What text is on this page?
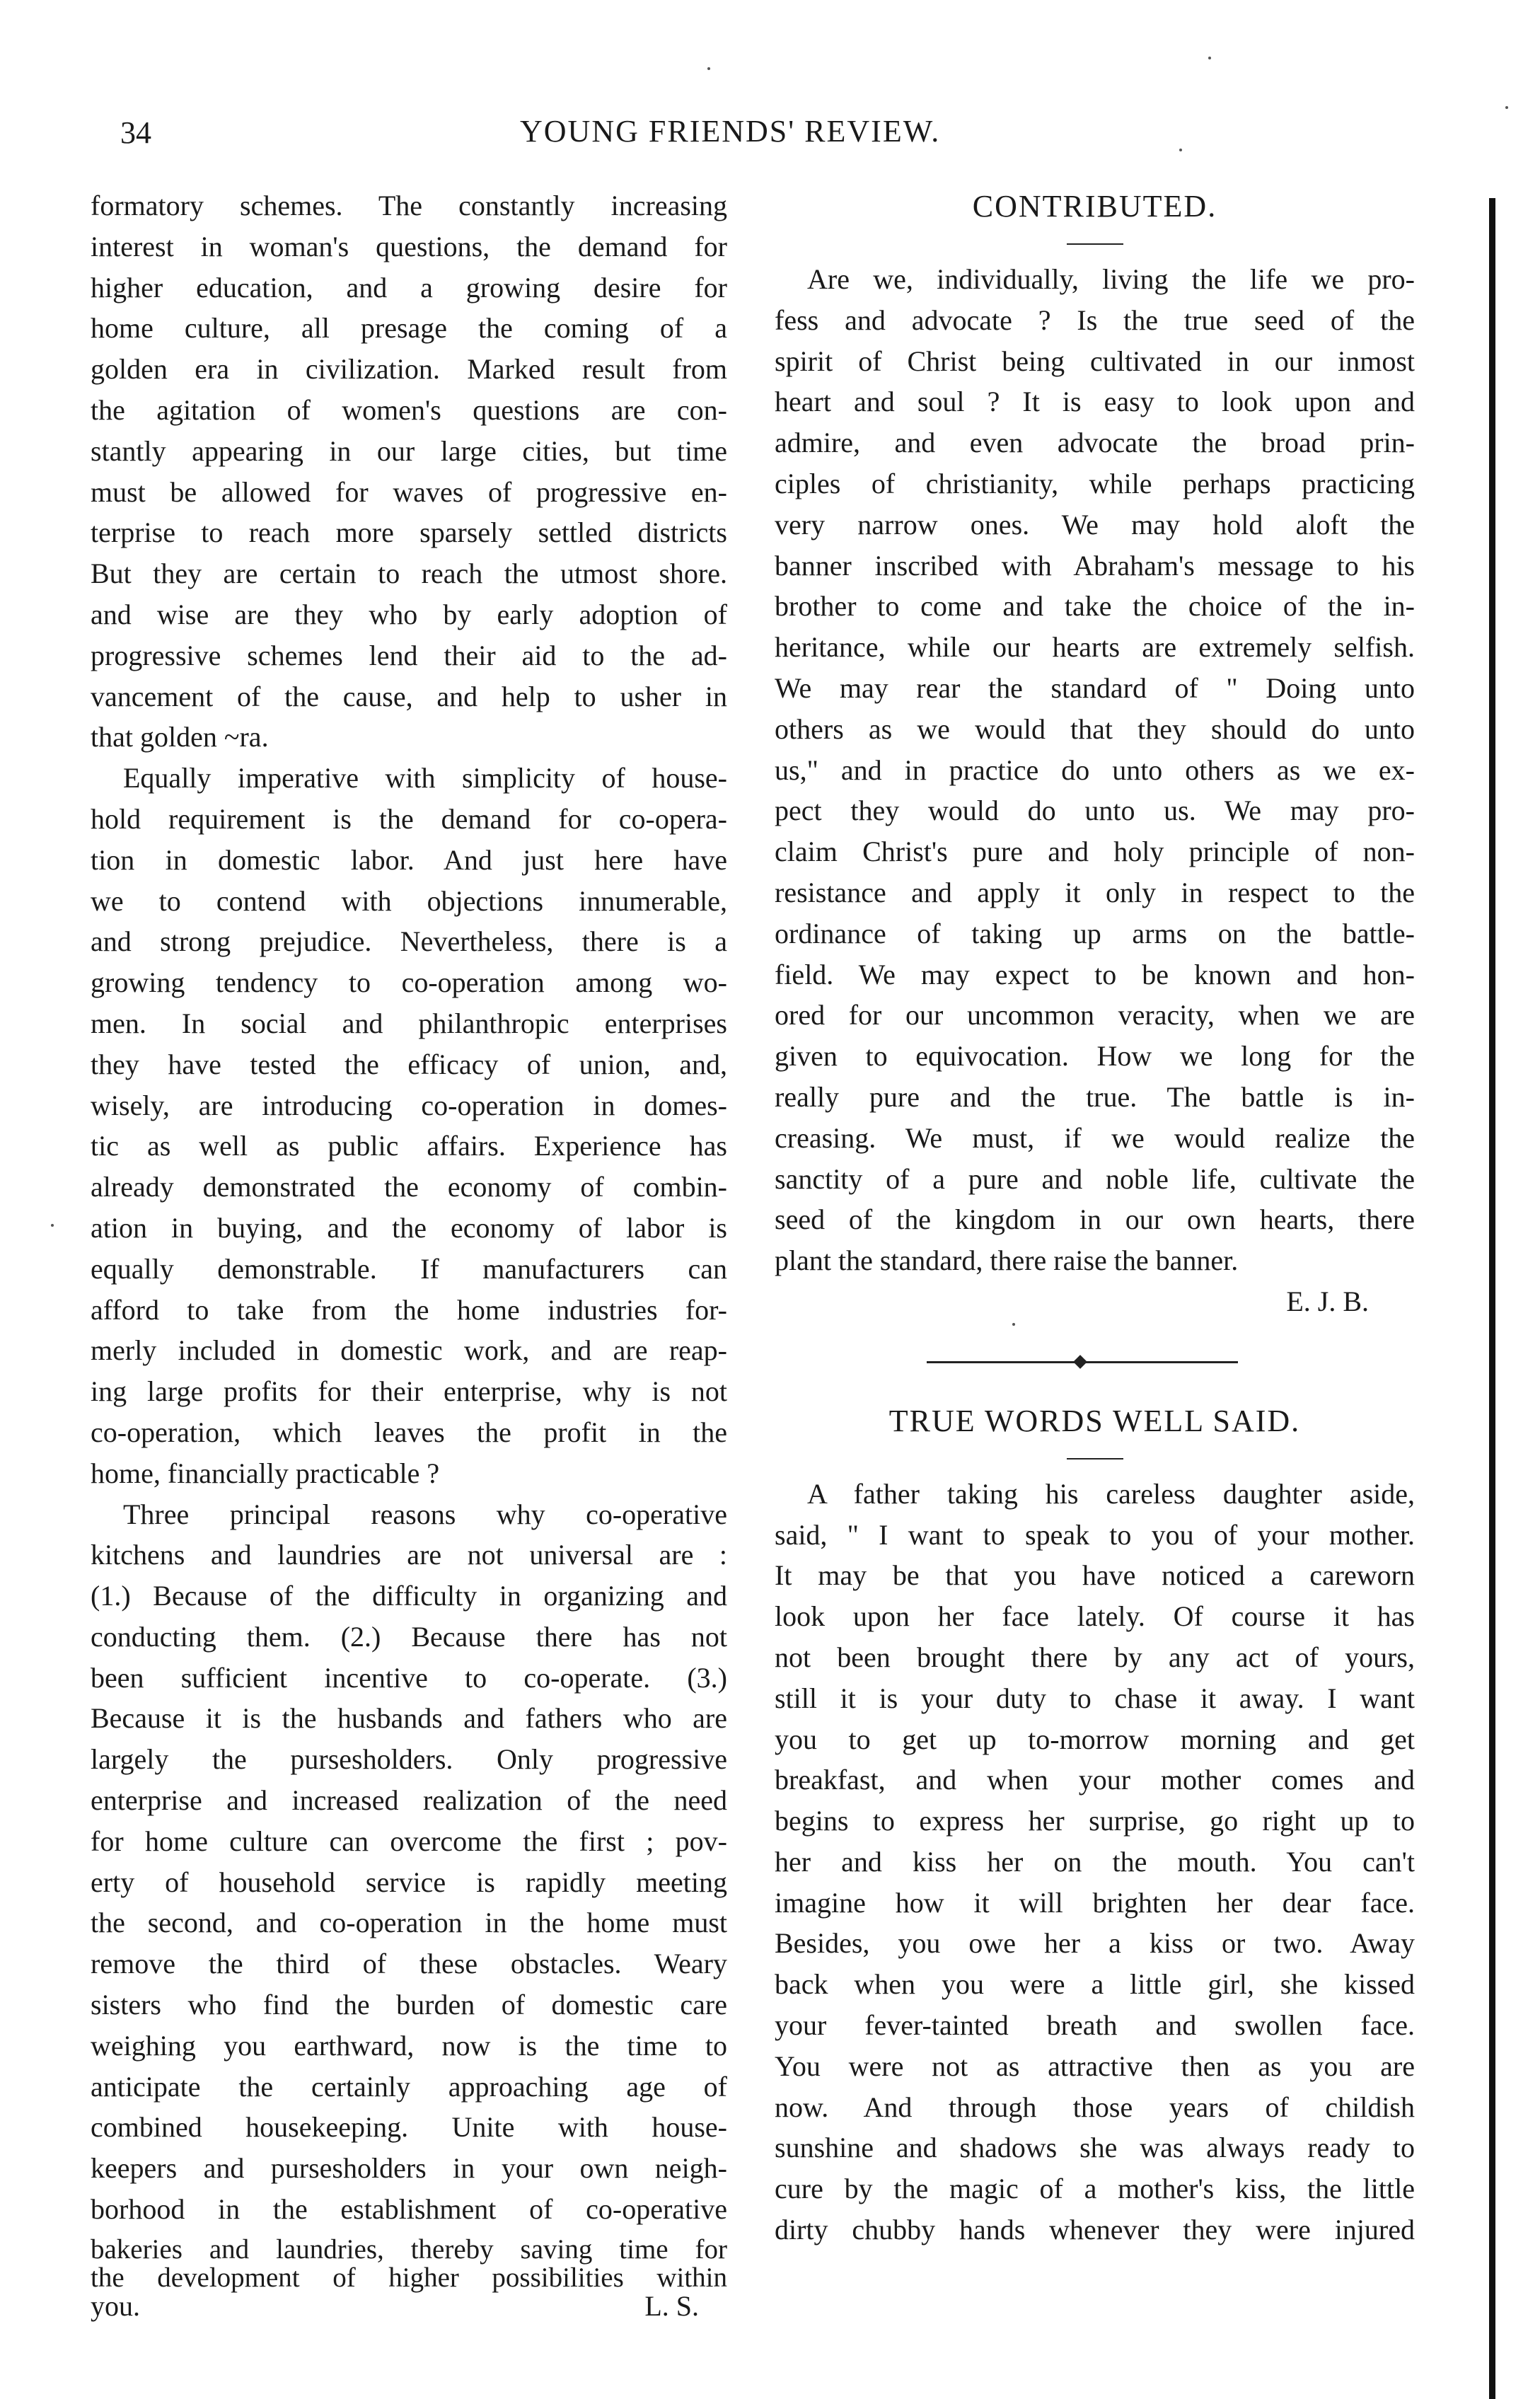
34	YOUNG FRIENDS' REVIEW.
formatory schemes. The constantly increasing
interest in woman's questions, the demand for
higher education, and a growing desire for
home culture, all presage the coming of a
golden era in civilization. Marked result from
the agitation of women's questions are con-
stantly appearing in our large cities, but time
must be allowed for waves of progressive en-
terprise to reach more sparsely settled districts
But they are certain to reach the utmost shore.
and wise are they who by early adoption of
progressive schemes lend their aid to the ad-
vancement of the cause, and help to usher in
that golden ~ra.
Equally imperative with simplicity of house-
hold requirement is the demand for co-opera-
tion in domestic labor. And just here have
we to contend with objections innumerable,
and strong prejudice. Nevertheless, there is a
growing tendency to co-operation among wo-
men. In social and philanthropic enterprises
they have tested the efficacy of union, and,
wisely, are introducing co-operation in domes-
tic as well as public affairs. Experience has
already demonstrated the economy of combin-
ation in buying, and the economy of labor is
equally demonstrable. If manufacturers can
afford to take from the home industries for-
merly included in domestic work, and are reap-
ing large profits for their enterprise, why is not
co-operation, which leaves the profit in the
home, financially practicable ?
Three principal reasons why co-operative
kitchens and laundries are not universal are :
(1.) Because of the difficulty in organizing and
conducting them. (2.) Because there has not
been sufficient incentive to co-operate. (3.)
Because it is the husbands and fathers who are
largely the pursesholders. Only progressive
enterprise and increased realization of the need
for home culture can overcome the first ; pov-
erty of household service is rapidly meeting
the second, and co-operation in the home must
remove the third of these obstacles. Weary
sisters who find the burden of domestic care
weighing you earthward, now is the time to
anticipate the certainly approaching age of
combined housekeeping. Unite with house-
keepers and pursesholders in your own neigh-
borhood in the establishment of co-operative
bakeries and laundries, thereby saving time for
the development of higher possibilities within
you.	L. S.
CONTRIBUTED.
Are we, individually, living the life we pro-
fess and advocate ? Is the true seed of the
spirit of Christ being cultivated in our inmost
heart and soul ? It is easy to look upon and
admire, and even advocate the broad prin-
ciples of christianity, while perhaps practicing
very narrow ones. We may hold aloft the
banner inscribed with Abraham's message to his
brother to come and take the choice of the in-
heritance, while our hearts are extremely selfish.
We may rear the standard of " Doing unto
others as we would that they should do unto
us," and in practice do unto others as we ex-
pect they would do unto us. We may pro-
claim Christ's pure and holy principle of non-
resistance and apply it only in respect to the
ordinance of taking up arms on the battle-
field. We may expect to be known and hon-
ored for our uncommon veracity, when we are
given to equivocation. How we long for the
really pure and the true. The battle is in-
creasing. We must, if we would realize the
sanctity of a pure and noble life, cultivate the
seed of the kingdom in our own hearts, there
plant the standard, there raise the banner.
E. J. B.
TRUE WORDS WELL SAID.
A father taking his careless daughter aside,
said, " I want to speak to you of your mother.
It may be that you have noticed a careworn
look upon her face lately. Of course it has
not been brought there by any act of yours,
still it is your duty to chase it away. I want
you to get up to-morrow morning and get
breakfast, and when your mother comes and
begins to express her surprise, go right up to
her and kiss her on the mouth. You can't
imagine how it will brighten her dear face.
Besides, you owe her a kiss or two. Away
back when you were a little girl, she kissed
your fever-tainted breath and swollen face.
You were not as attractive then as you are
now. And through those years of childish
sunshine and shadows she was always ready to
cure by the magic of a mother's kiss, the little
dirty chubby hands whenever they were injured
